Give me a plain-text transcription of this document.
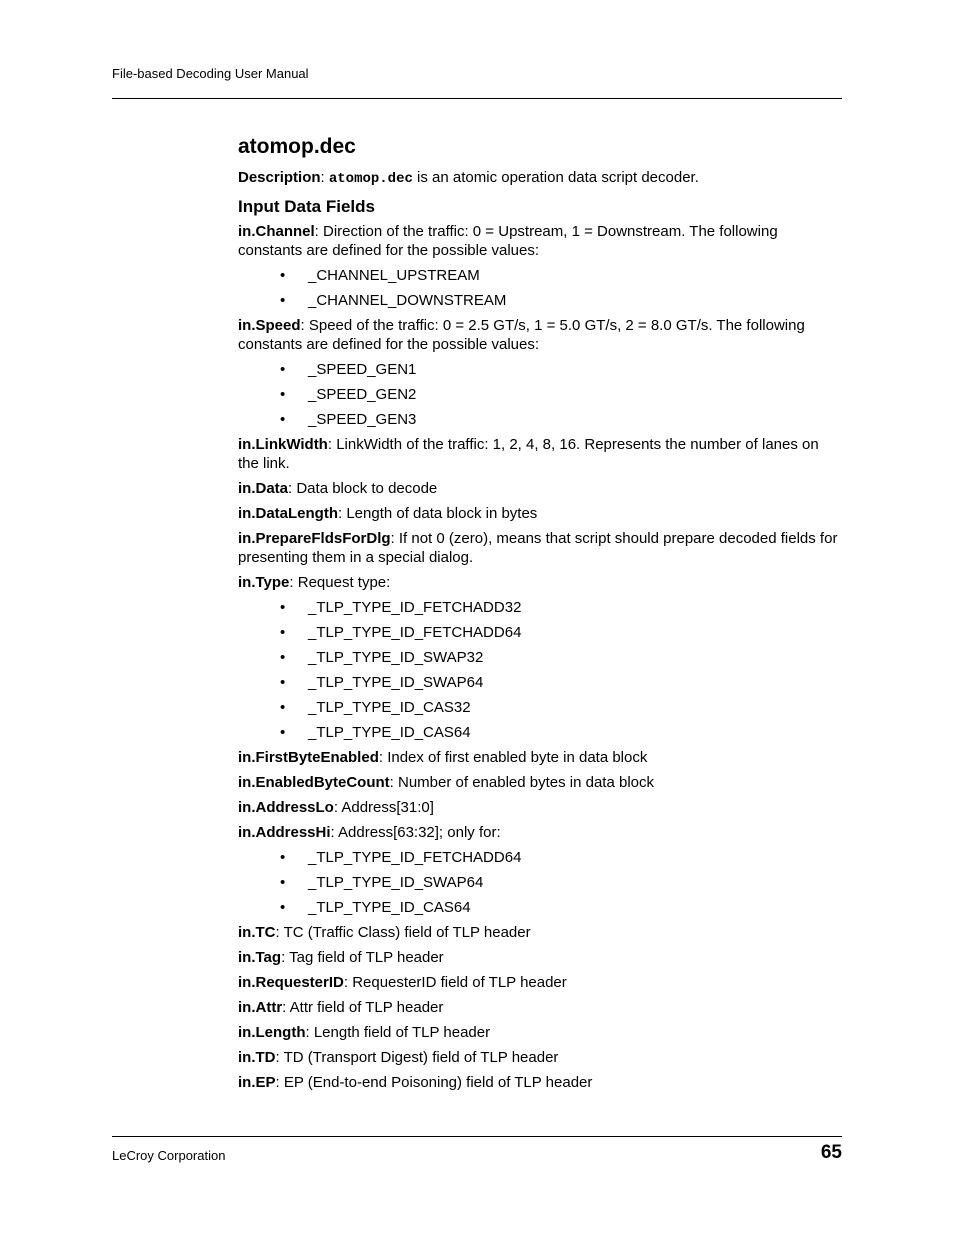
File-based Decoding User Manual
atomop.dec

Description: atomop.dec is an atomic operation data script decoder.

Input Data Fields

in.Channel: Direction of the traffic: 0 = Upstream, 1 = Downstream. The following constants are defined for the possible values:

• _CHANNEL_UPSTREAM
• _CHANNEL_DOWNSTREAM

in.Speed: Speed of the traffic: 0 = 2.5 GT/s, 1 = 5.0 GT/s, 2 = 8.0 GT/s. The following constants are defined for the possible values:

• _SPEED_GEN1
• _SPEED_GEN2
• _SPEED_GEN3

in.LinkWidth: LinkWidth of the traffic: 1, 2, 4, 8, 16. Represents the number of lanes on the link.

in.Data: Data block to decode

in.DataLength: Length of data block in bytes

in.PrepareFldsForDlg: If not 0 (zero), means that script should prepare decoded fields for presenting them in a special dialog.

in.Type: Request type:

• _TLP_TYPE_ID_FETCHADD32
• _TLP_TYPE_ID_FETCHADD64
• _TLP_TYPE_ID_SWAP32
• _TLP_TYPE_ID_SWAP64
• _TLP_TYPE_ID_CAS32
• _TLP_TYPE_ID_CAS64

in.FirstByteEnabled: Index of first enabled byte in data block

in.EnabledByteCount: Number of enabled bytes in data block

in.AddressLo: Address[31:0]

in.AddressHi: Address[63:32]; only for:

• _TLP_TYPE_ID_FETCHADD64
• _TLP_TYPE_ID_SWAP64
• _TLP_TYPE_ID_CAS64

in.TC: TC (Traffic Class) field of TLP header

in.Tag: Tag field of TLP header

in.RequesterID: RequesterID field of TLP header

in.Attr: Attr field of TLP header

in.Length: Length field of TLP header

in.TD: TD (Transport Digest) field of TLP header

in.EP: EP (End-to-end Poisoning) field of TLP header

LeCroy Corporation	65
